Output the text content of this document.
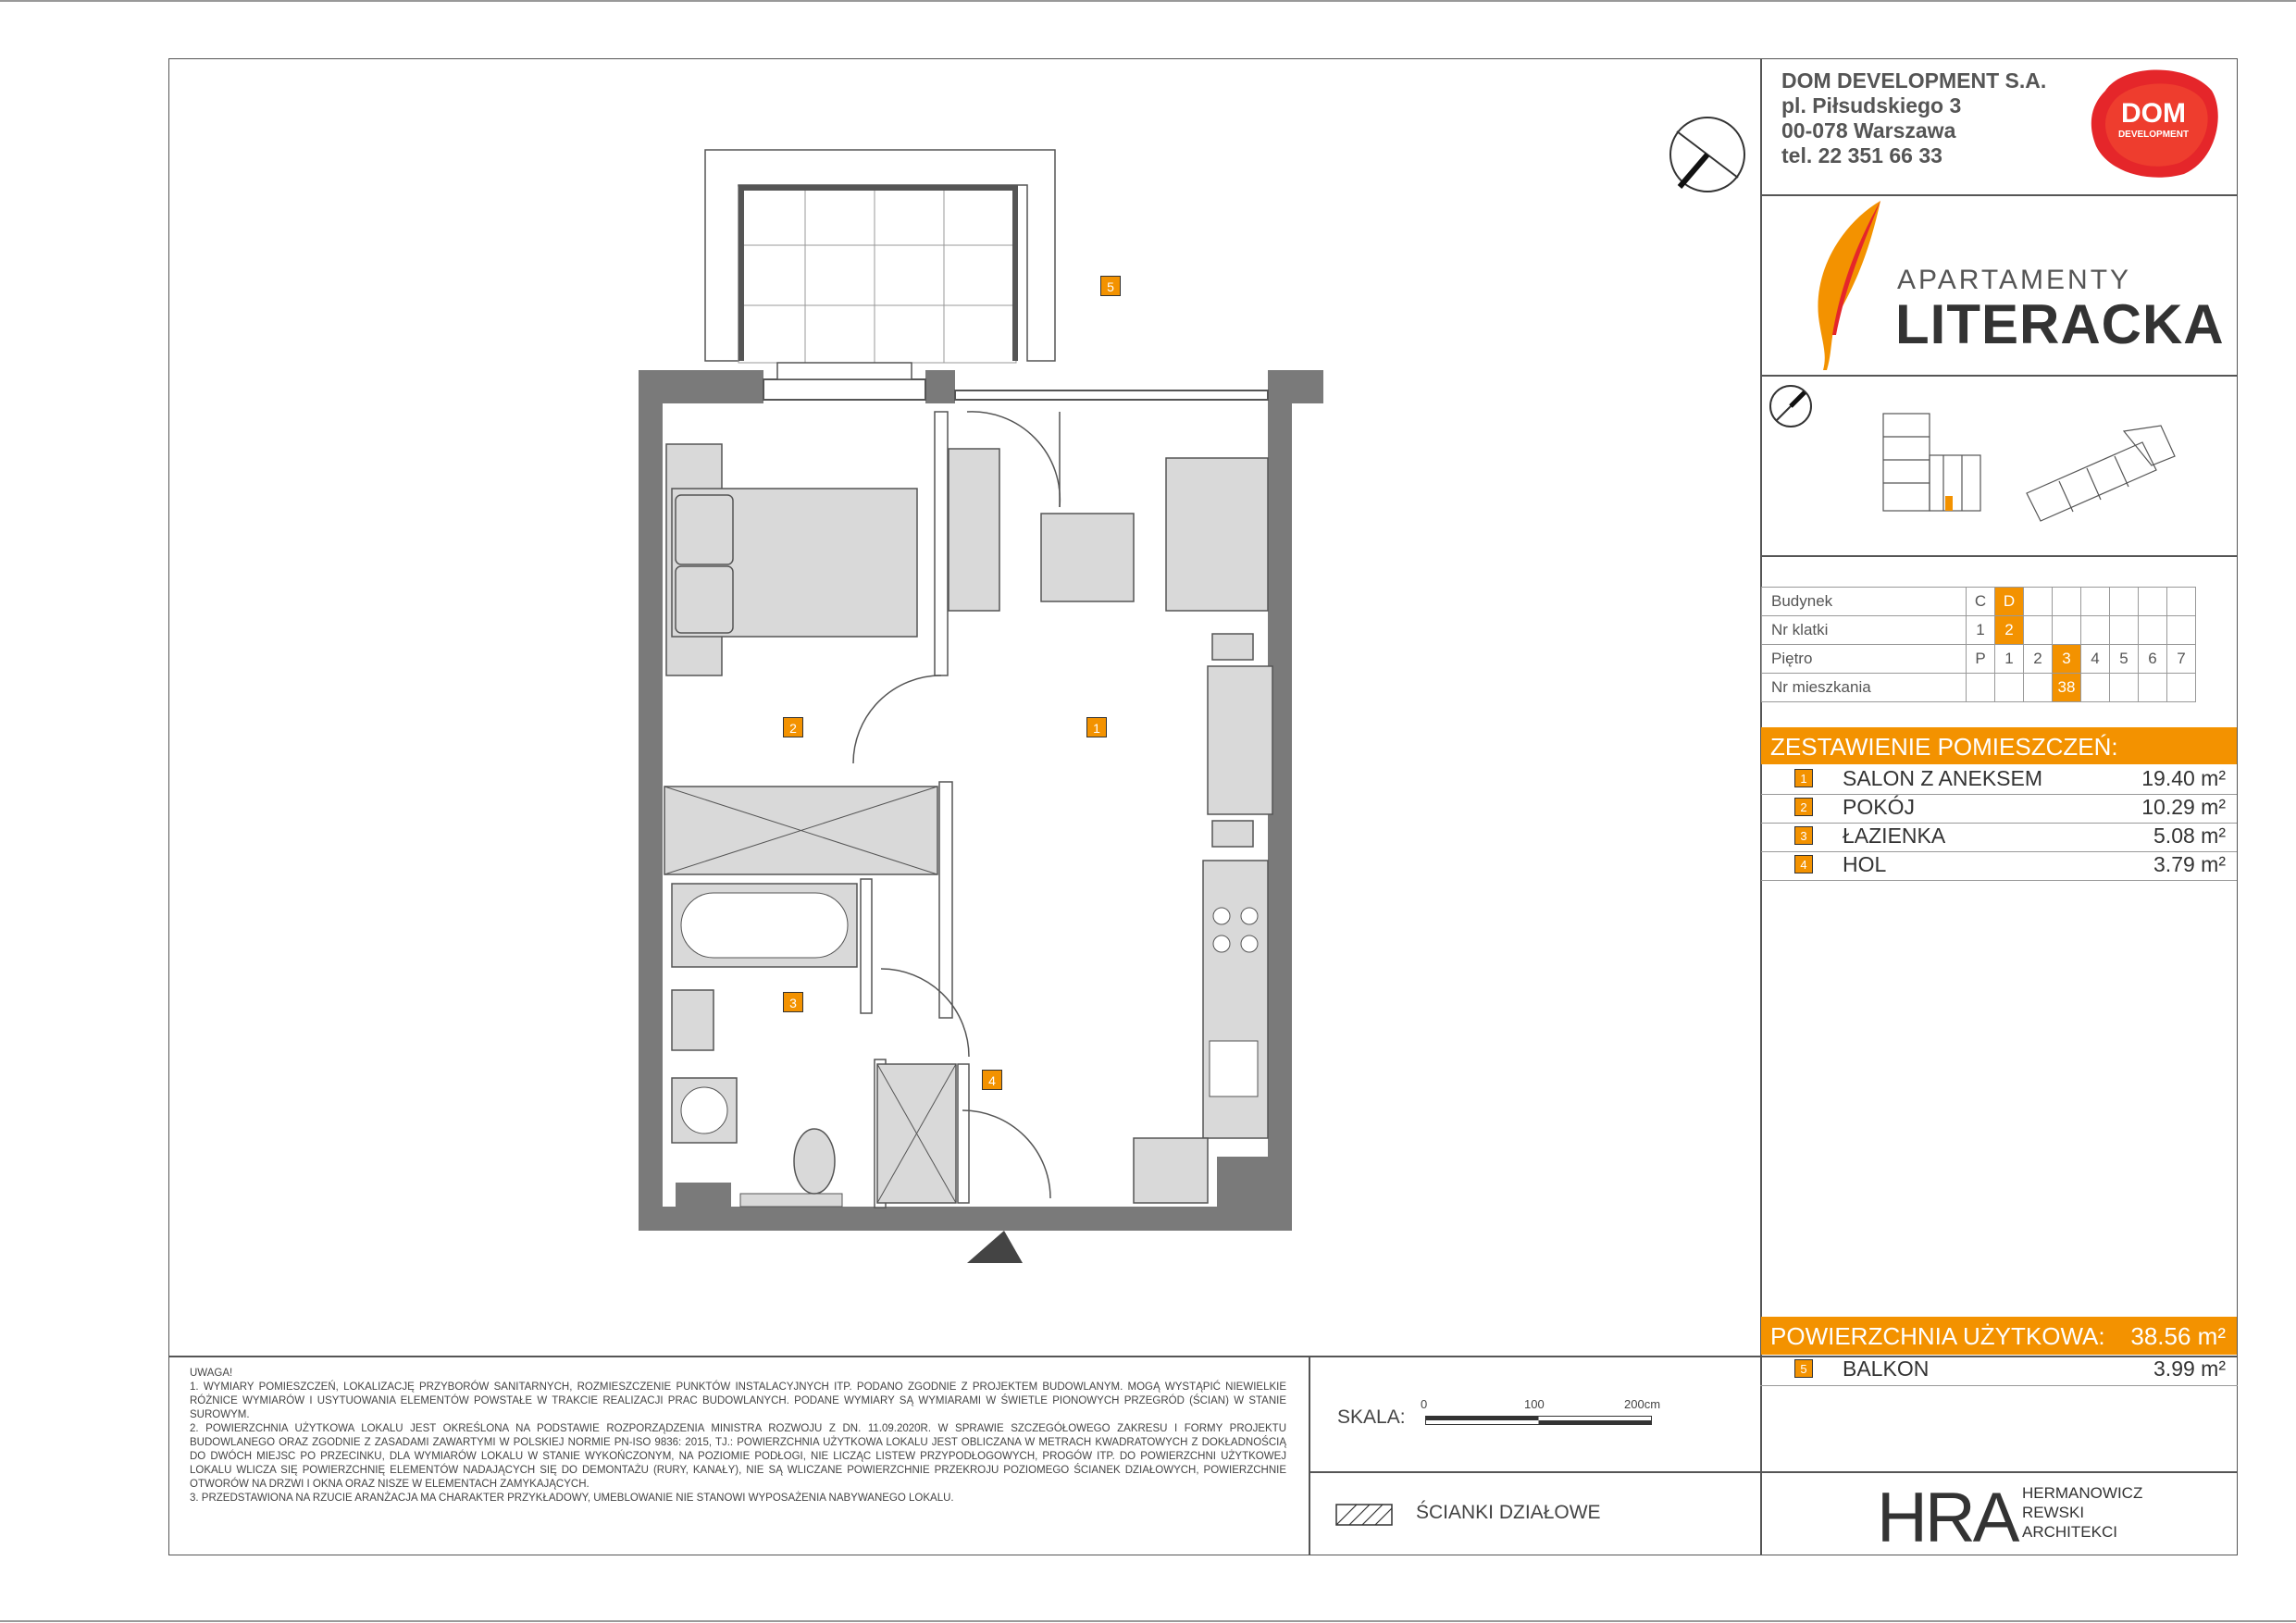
DOM DEVELOPMENT S.A.
pl. Piłsudskiego 3
00-078 Warszawa
tel. 22 351 66 33
DOM
DEVELOPMENT
APARTAMENTY
LITERACKA
Budynek	C	D						
Nr klatki	1	2						
Piętro	P	1	2	3	4	5	6	7
Nr mieszkania				38				
ZESTAWIENIE POMIESZCZEŃ:
1 SALON Z ANEKSEM	19.40 m²
2 POKÓJ	10.29 m²
3 ŁAZIENKA	5.08 m²
4 HOL	3.79 m²
POWIERZCHNIA UŻYTKOWA: 38.56 m²
5 BALKON	3.99 m²
UWAGA!
1. WYMIARY POMIESZCZEŃ, LOKALIZACJĘ PRZYBORÓW SANITARNYCH, ROZMIESZCZENIE PUNKTÓW INSTALACYJNYCH ITP. PODANO ZGODNIE Z PROJEKTEM BUDOWLANYM. MOGĄ WYSTĄPIĆ NIEWIELKIE RÓŻNICE WYMIARÓW I USYTUOWANIA ELEMENTÓW POWSTAŁE W TRAKCIE REALIZACJI PRAC BUDOWLANYCH. PODANE WYMIARY SĄ WYMIARAMI W ŚWIETLE PIONOWYCH PRZEGRÓD (ŚCIAN) W STANIE SUROWYM.
2. POWIERZCHNIA UŻYTKOWA LOKALU JEST OKREŚLONA NA PODSTAWIE ROZPORZĄDZENIA MINISTRA ROZWOJU Z DN. 11.09.2020R. W SPRAWIE SZCZEGÓŁOWEGO ZAKRESU I FORMY PROJEKTU BUDOWLANEGO ORAZ ZGODNIE Z ZASADAMI ZAWARTYMI W POLSKIEJ NORMIE PN-ISO 9836: 2015, TJ.: POWIERZCHNIA UŻYTKOWA LOKALU JEST OBLICZANA W METRACH KWADRATOWYCH Z DOKŁADNOŚCIĄ DO DWÓCH MIEJSC PO PRZECINKU, DLA WYMIARÓW LOKALU W STANIE WYKOŃCZONYM, NA POZIOMIE PODŁOGI, NIE LICZĄC LISTEW PRZYPODŁOGOWYCH, PROGÓW ITP. DO POWIERZCHNI UŻYTKOWEJ LOKALU WLICZA SIĘ POWIERZCHNIĘ ELEMENTÓW NADAJĄCYCH SIĘ DO DEMONTAŻU (RURY, KANAŁY), NIE SĄ WLICZANE POWIERZCHNIE PRZEKROJU POZIOMEGO ŚCIANEK DZIAŁOWYCH, POWIERZCHNIE OTWORÓW NA DRZWI I OKNA ORAZ NISZE W ELEMENTACH ZAMYKAJĄCYCH.
3. PRZEDSTAWIONA NA RZUCIE ARANŻACJA MA CHARAKTER PRZYKŁADOWY, UMEBLOWANIE NIE STANOWI WYPOSAŻENIA NABYWANEGO LOKALU.
SKALA:
0	100	200cm
ŚCIANKI DZIAŁOWE	HRA HERMANOWICZ
REWSKI
ARCHITEKCI
5
2	1
3
4
